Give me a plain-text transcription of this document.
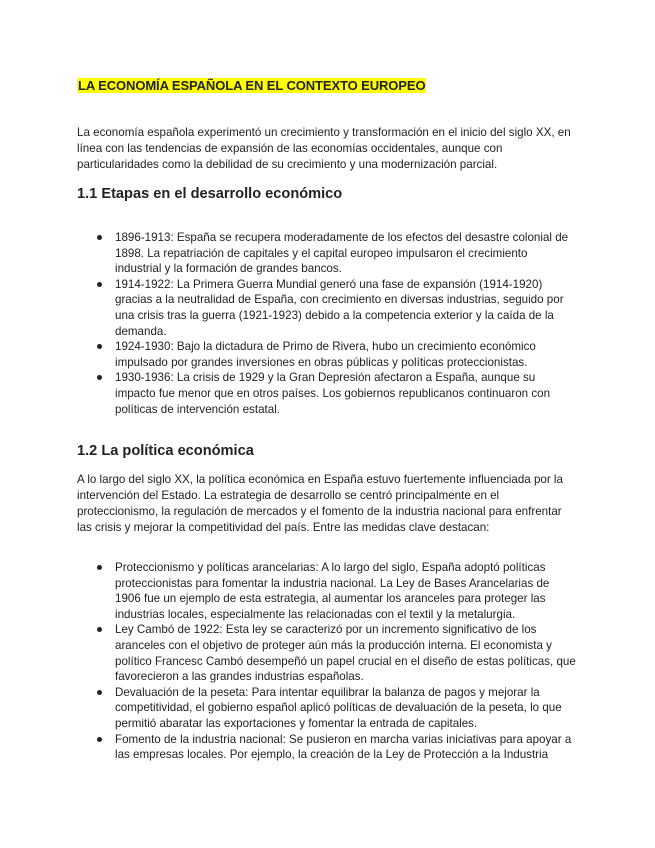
LA ECONOMÍA ESPAÑOLA EN EL CONTEXTO EUROPEO

La economía española experimentó un crecimiento y transformación en el inicio del siglo XX, en línea con las tendencias de expansión de las economías occidentales, aunque con particularidades como la debilidad de su crecimiento y una modernización parcial.

1.1 Etapas en el desarrollo económico
1896-1913: España se recupera moderadamente de los efectos del desastre colonial de 1898. La repatriación de capitales y el capital europeo impulsaron el crecimiento industrial y la formación de grandes bancos.
1914-1922: La Primera Guerra Mundial generó una fase de expansión (1914-1920) gracias a la neutralidad de España, con crecimiento en diversas industrias, seguido por una crisis tras la guerra (1921-1923) debido a la competencia exterior y la caída de la demanda.
1924-1930: Bajo la dictadura de Primo de Rivera, hubo un crecimiento económico impulsado por grandes inversiones en obras públicas y políticas proteccionistas.
1930-1936: La crisis de 1929 y la Gran Depresión afectaron a España, aunque su impacto fue menor que en otros países. Los gobiernos republicanos continuaron con políticas de intervención estatal.
1.2 La política económica

A lo largo del siglo XX, la política económica en España estuvo fuertemente influenciada por la intervención del Estado. La estrategia de desarrollo se centró principalmente en el proteccionismo, la regulación de mercados y el fomento de la industria nacional para enfrentar las crisis y mejorar la competitividad del país. Entre las medidas clave destacan:

Proteccionismo y políticas arancelarias: A lo largo del siglo, España adoptó políticas proteccionistas para fomentar la industria nacional. La Ley de Bases Arancelarias de 1906 fue un ejemplo de esta estrategia, al aumentar los aranceles para proteger las industrias locales, especialmente las relacionadas con el textil y la metalurgia.
Ley Cambó de 1922: Esta ley se caracterizó por un incremento significativo de los aranceles con el objetivo de proteger aún más la producción interna. El economista y político Francesc Cambó desempeñó un papel crucial en el diseño de estas políticas, que favorecieron a las grandes industrias españolas.
Devaluación de la peseta: Para intentar equilibrar la balanza de pagos y mejorar la competitividad, el gobierno español aplicó políticas de devaluación de la peseta, lo que permitió abaratar las exportaciones y fomentar la entrada de capitales.
Fomento de la industria nacional: Se pusieron en marcha varias iniciativas para apoyar a las empresas locales. Por ejemplo, la creación de la Ley de Protección a la Industria
